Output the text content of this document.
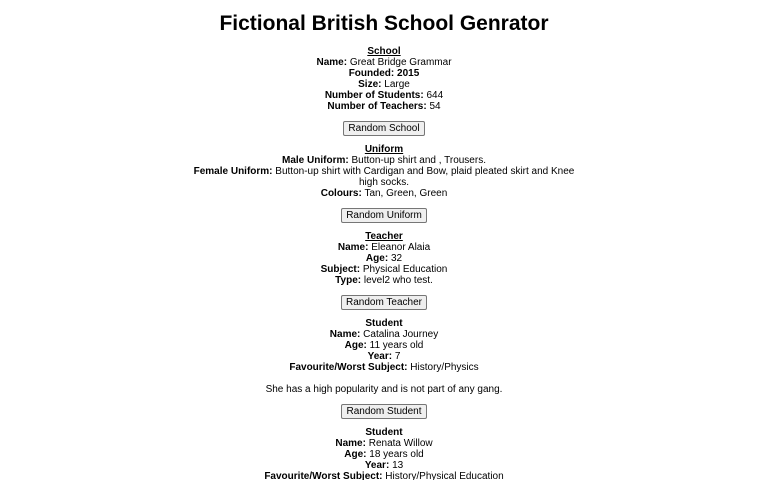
Fictional British School Genrator
School
Name: Great Bridge Grammar
Founded: 2015
Size: Large
Number of Students: 644
Number of Teachers: 54
Random School
Uniform
Male Uniform: Button-up shirt and , Trousers.
Female Uniform: Button-up shirt with Cardigan and Bow, plaid pleated skirt and Knee high socks.
Colours: Tan, Green, Green
Random Uniform
Teacher
Name: Eleanor Alaia
Age: 32
Subject: Physical Education
Type: level2 who test.
Random Teacher
Student
Name: Catalina Journey
Age: 11 years old
Year: 7
Favourite/Worst Subject: History/Physics
She has a high popularity and is not part of any gang.
Random Student
Student
Name: Renata Willow
Age: 18 years old
Year: 13
Favourite/Worst Subject: History/Physical Education
